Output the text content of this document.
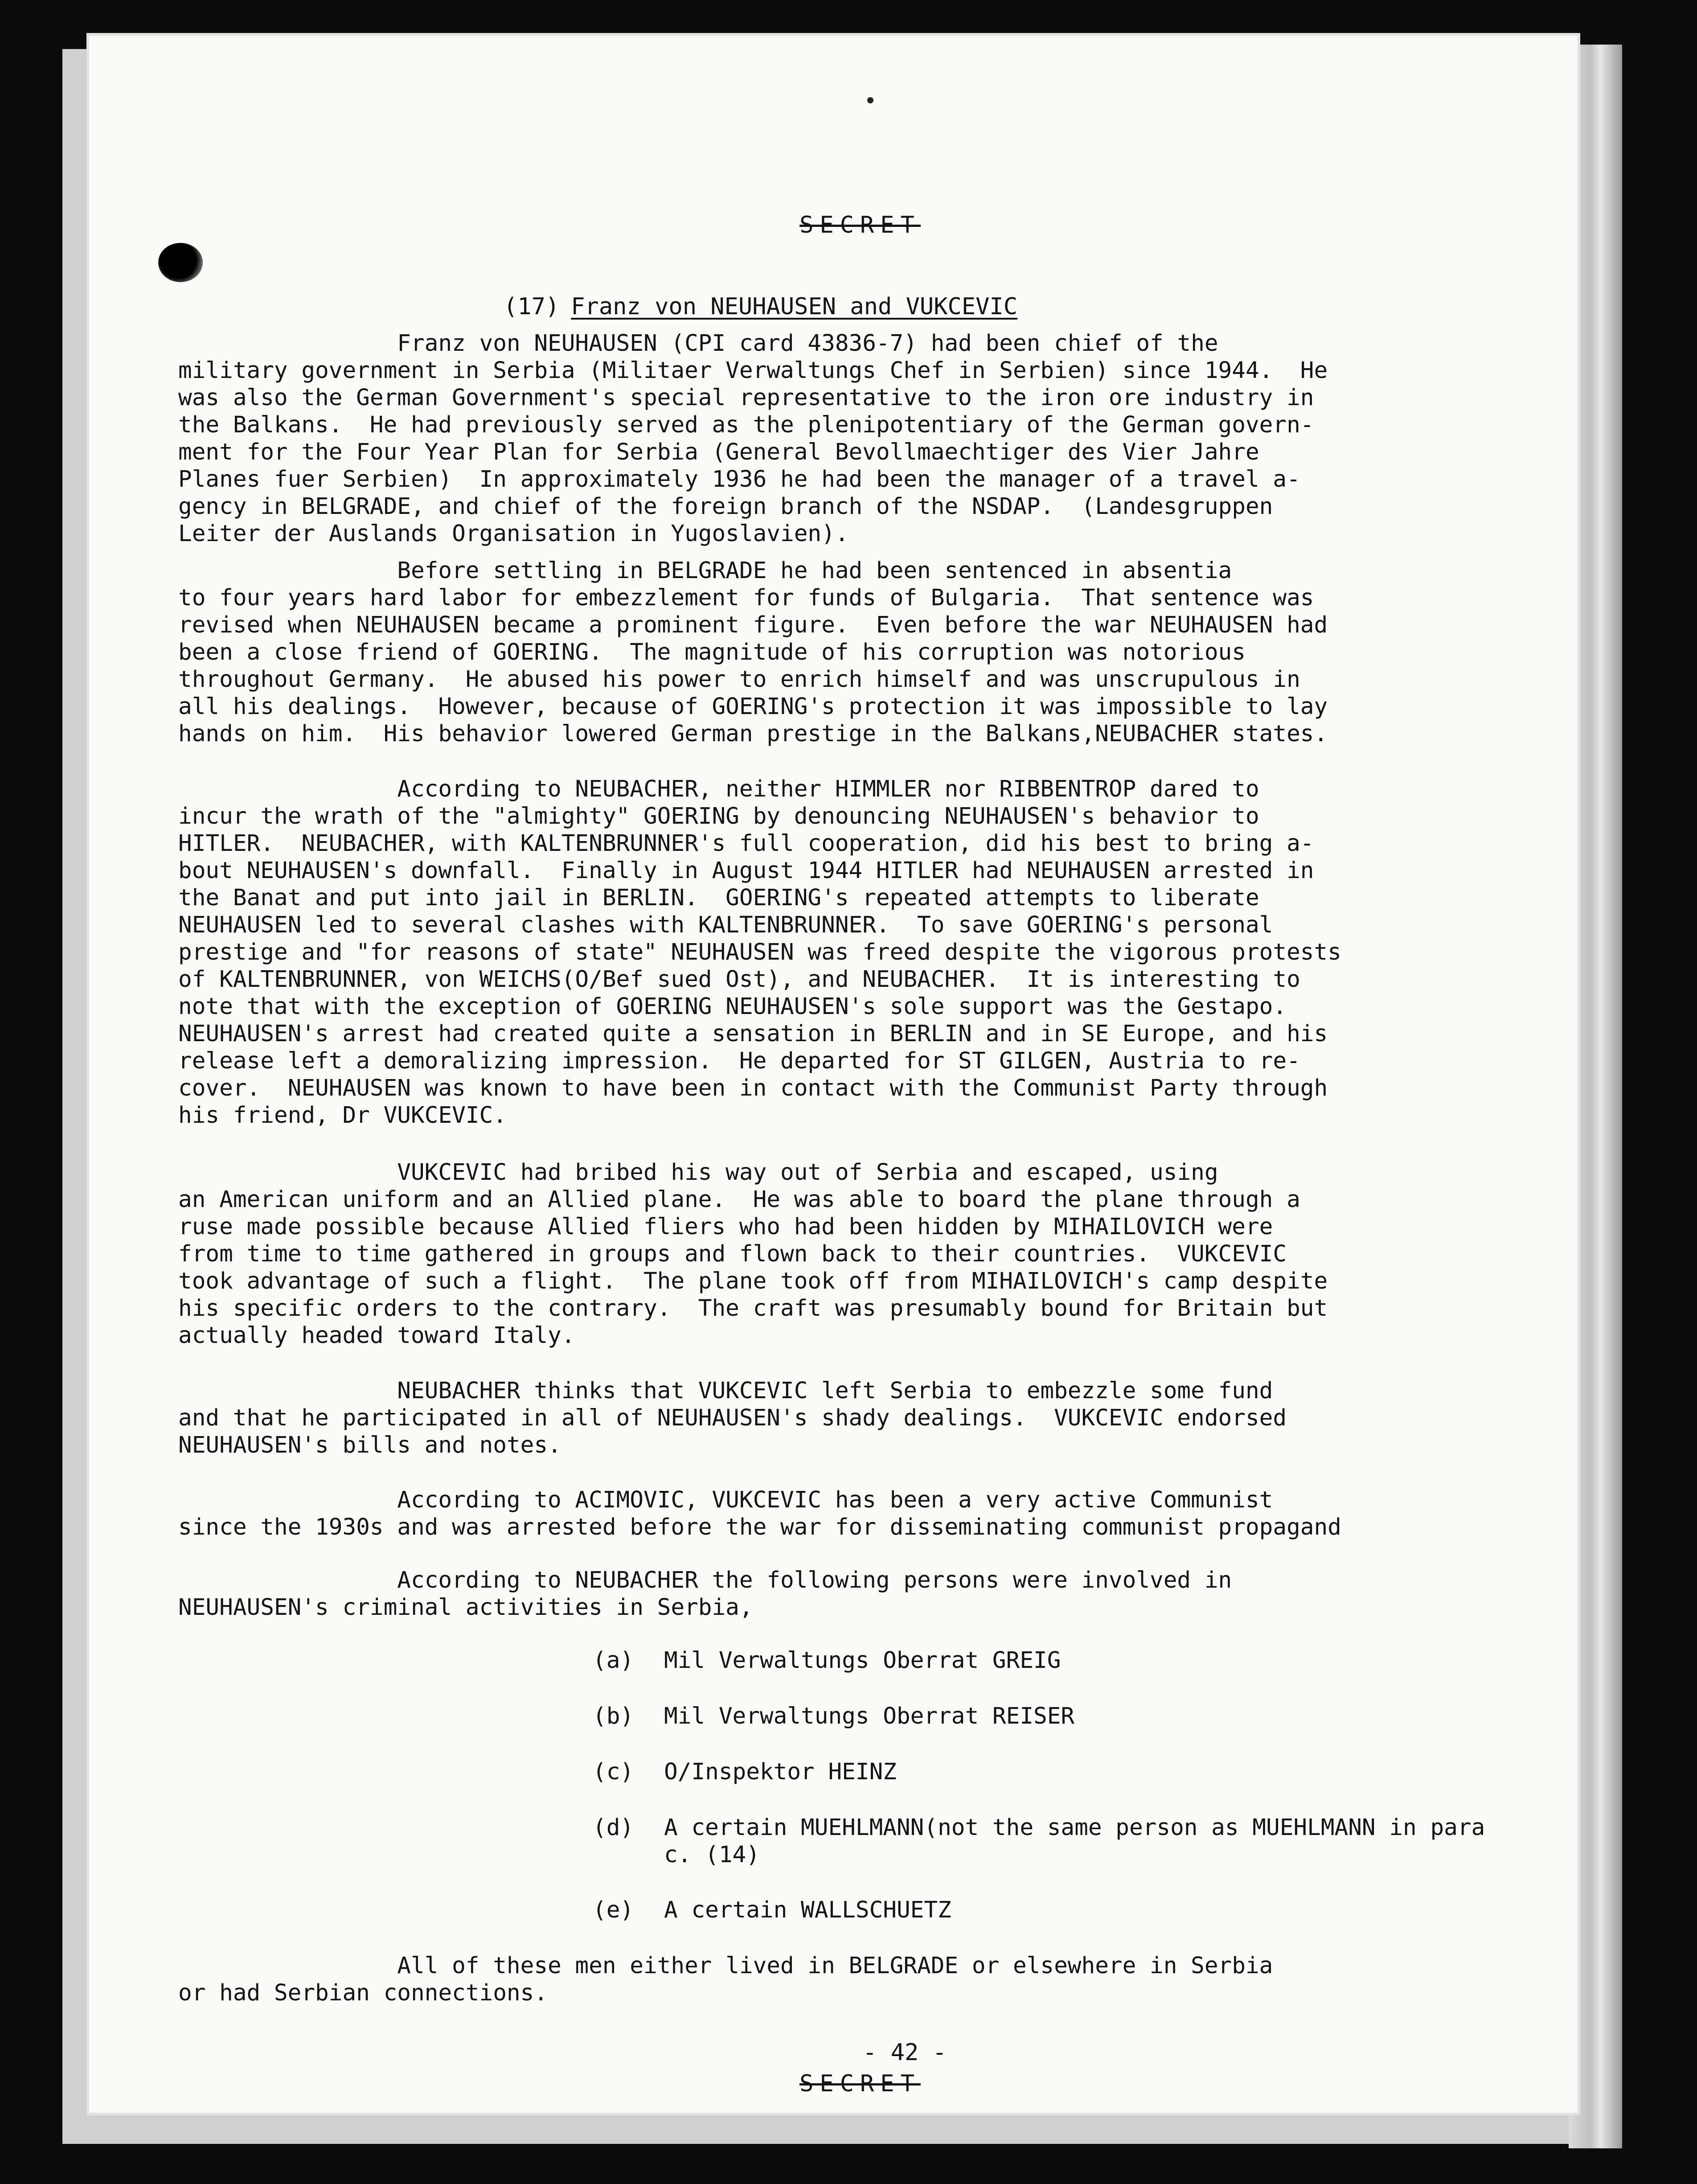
SECRET
(17) Franz von NEUHAUSEN and VUKCEVIC
Franz von NEUHAUSEN (CPI card 43836-7) had been chief of the
military government in Serbia (Militaer Verwaltungs Chef in Serbien) since 1944.  He
was also the German Government's special representative to the iron ore industry in
the Balkans.  He had previously served as the plenipotentiary of the German govern-
ment for the Four Year Plan for Serbia (General Bevollmaechtiger des Vier Jahre
Planes fuer Serbien)  In approximately 1936 he had been the manager of a travel a-
gency in BELGRADE, and chief of the foreign branch of the NSDAP.  (Landesgruppen
Leiter der Auslands Organisation in Yugoslavien).
Before settling in BELGRADE he had been sentenced in absentia
to four years hard labor for embezzlement for funds of Bulgaria.  That sentence was
revised when NEUHAUSEN became a prominent figure.  Even before the war NEUHAUSEN had
been a close friend of GOERING.  The magnitude of his corruption was notorious
throughout Germany.  He abused his power to enrich himself and was unscrupulous in
all his dealings.  However, because of GOERING's protection it was impossible to lay
hands on him.  His behavior lowered German prestige in the Balkans,NEUBACHER states.
According to NEUBACHER, neither HIMMLER nor RIBBENTROP dared to
incur the wrath of the "almighty" GOERING by denouncing NEUHAUSEN's behavior to
HITLER.  NEUBACHER, with KALTENBRUNNER's full cooperation, did his best to bring a-
bout NEUHAUSEN's downfall.  Finally in August 1944 HITLER had NEUHAUSEN arrested in
the Banat and put into jail in BERLIN.  GOERING's repeated attempts to liberate
NEUHAUSEN led to several clashes with KALTENBRUNNER.  To save GOERING's personal
prestige and "for reasons of state" NEUHAUSEN was freed despite the vigorous protests
of KALTENBRUNNER, von WEICHS(O/Bef sued Ost), and NEUBACHER.  It is interesting to
note that with the exception of GOERING NEUHAUSEN's sole support was the Gestapo.
NEUHAUSEN's arrest had created quite a sensation in BERLIN and in SE Europe, and his
release left a demoralizing impression.  He departed for ST GILGEN, Austria to re-
cover.  NEUHAUSEN was known to have been in contact with the Communist Party through
his friend, Dr VUKCEVIC.
VUKCEVIC had bribed his way out of Serbia and escaped, using
an American uniform and an Allied plane.  He was able to board the plane through a
ruse made possible because Allied fliers who had been hidden by MIHAILOVICH were
from time to time gathered in groups and flown back to their countries.  VUKCEVIC
took advantage of such a flight.  The plane took off from MIHAILOVICH's camp despite
his specific orders to the contrary.  The craft was presumably bound for Britain but
actually headed toward Italy.
NEUBACHER thinks that VUKCEVIC left Serbia to embezzle some fund
and that he participated in all of NEUHAUSEN's shady dealings.  VUKCEVIC endorsed
NEUHAUSEN's bills and notes.
According to ACIMOVIC, VUKCEVIC has been a very active Communist
since the 1930s and was arrested before the war for disseminating communist propagand
According to NEUBACHER the following persons were involved in
NEUHAUSEN's criminal activities in Serbia,
(a) Mil Verwaltungs Oberrat GREIG
(b) Mil Verwaltungs Oberrat REISER
(c) O/Inspektor HEINZ
(d) A certain MUEHLMANN(not the same person as MUEHLMANN in para
c. (14)
(e) A certain WALLSCHUETZ
All of these men either lived in BELGRADE or elsewhere in Serbia
or had Serbian connections.
- 42 -
SECRET
